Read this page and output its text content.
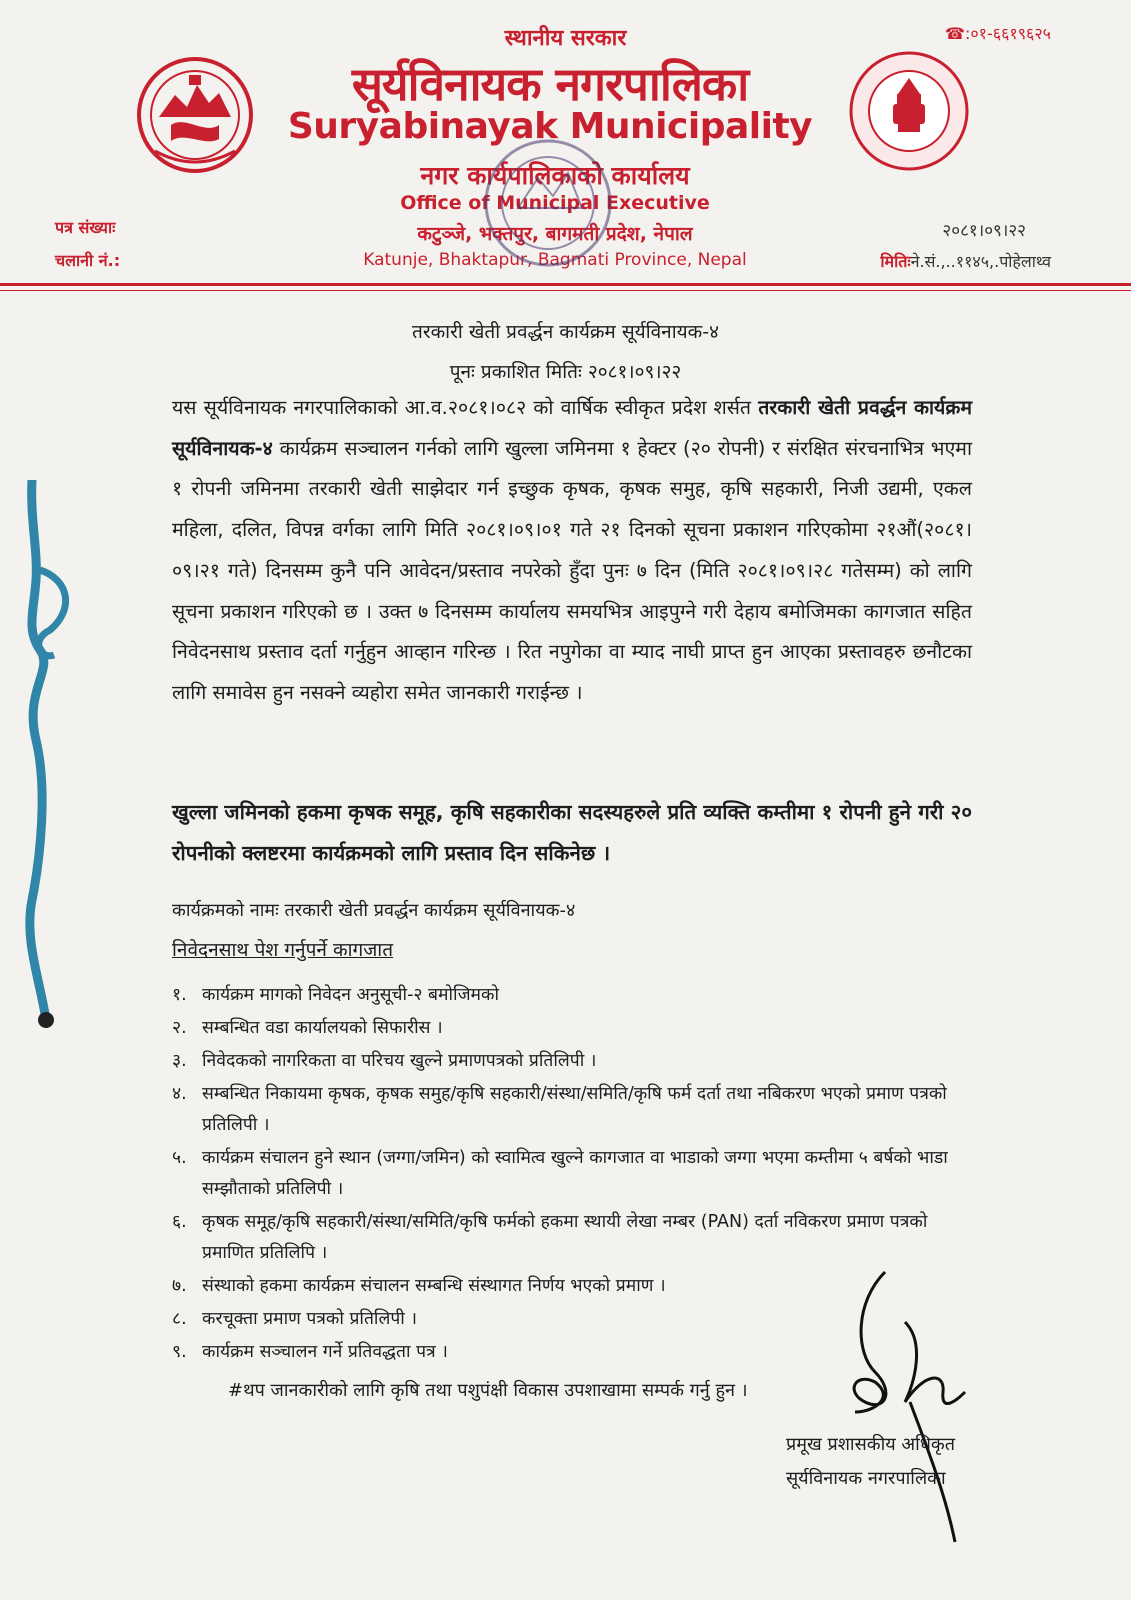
स्थानीय सरकार	☎:०१-६६१९६२५
सूर्यविनायक नगरपालिका
Suryabinayak Municipality
नगर कार्यपालिकाको कार्यालय
Office of Municipal Executive
कटुञ्जे, भक्तपुर, बागमती प्रदेश, नेपाल
Katunje, Bhaktapur, Bagmati Province, Nepal
पत्र संख्याः
चलानी नं.:
२०८१।०९।२२
मितिःने.सं.,..११४५,.पोहेलाथ्व
तरकारी खेती प्रवर्द्धन कार्यक्रम सूर्यविनायक-४
पूनः प्रकाशित मितिः २०८१।०९।२२
यस सूर्यविनायक नगरपालिकाको आ.व.२०८१।०८२ को वार्षिक स्वीकृत प्रदेश शर्सत तरकारी खेती प्रवर्द्धन कार्यक्रम सूर्यविनायक-४ कार्यक्रम सञ्चालन गर्नको लागि खुल्ला जमिनमा १ हेक्टर (२० रोपनी) र संरक्षित संरचनाभित्र भएमा १ रोपनी जमिनमा तरकारी खेती साझेदार गर्न इच्छुक कृषक, कृषक समुह, कृषि सहकारी, निजी उद्यमी, एकल महिला, दलित, विपन्न वर्गका लागि मिति २०८१।०९।०१ गते २१ दिनको सूचना प्रकाशन गरिएकोमा २१औं(२०८१।०९।२१ गते) दिनसम्म कुनै पनि आवेदन/प्रस्ताव नपरेको हुँदा पुनः ७ दिन (मिति २०८१।०९।२८ गतेसम्म) को लागि सूचना प्रकाशन गरिएको छ । उक्त ७ दिनसम्म कार्यालय समयभित्र आइपुग्ने गरी देहाय बमोजिमका कागजात सहित निवेदनसाथ प्रस्ताव दर्ता गर्नुहुन आव्हान गरिन्छ । रित नपुगेका वा म्याद नाघी प्राप्त हुन आएका प्रस्तावहरु छनौटका लागि समावेस हुन नसक्ने व्यहोरा समेत जानकारी गराईन्छ ।
खुल्ला जमिनको हकमा कृषक समूह, कृषि सहकारीका सदस्यहरुले प्रति व्यक्ति कम्तीमा १ रोपनी हुने गरी २० रोपनीको क्लष्टरमा कार्यक्रमको लागि प्रस्ताव दिन सकिनेछ ।
कार्यक्रमको नामः तरकारी खेती प्रवर्द्धन कार्यक्रम सूर्यविनायक-४
निवेदनसाथ पेश गर्नुपर्ने कागजात
१. कार्यक्रम मागको निवेदन अनुसूची-२ बमोजिमको
२. सम्बन्धित वडा कार्यालयको सिफारीस ।
३. निवेदकको नागरिकता वा परिचय खुल्ने प्रमाणपत्रको प्रतिलिपी ।
४. सम्बन्धित निकायमा कृषक, कृषक समुह/कृषि सहकारी/संस्था/समिति/कृषि फर्म दर्ता तथा नबिकरण भएको प्रमाण पत्रको प्रतिलिपी ।
५. कार्यक्रम संचालन हुने स्थान (जग्गा/जमिन) को स्वामित्व खुल्ने कागजात वा भाडाको जग्गा भएमा कम्तीमा ५ बर्षको भाडा सम्झौताको प्रतिलिपी ।
६. कृषक समूह/कृषि सहकारी/संस्था/समिति/कृषि फर्मको हकमा स्थायी लेखा नम्बर (PAN) दर्ता नविकरण प्रमाण पत्रको प्रमाणित प्रतिलिपि ।
७. संस्थाको हकमा कार्यक्रम संचालन सम्बन्धि संस्थागत निर्णय भएको प्रमाण ।
८. करचूक्ता प्रमाण पत्रको प्रतिलिपी ।
९. कार्यक्रम सञ्चालन गर्ने प्रतिवद्धता पत्र ।
#थप जानकारीको लागि कृषि तथा पशुपंक्षी विकास उपशाखामा सम्पर्क गर्नु हुन ।
प्रमूख प्रशासकीय अधिकृत
सूर्यविनायक नगरपालिका
